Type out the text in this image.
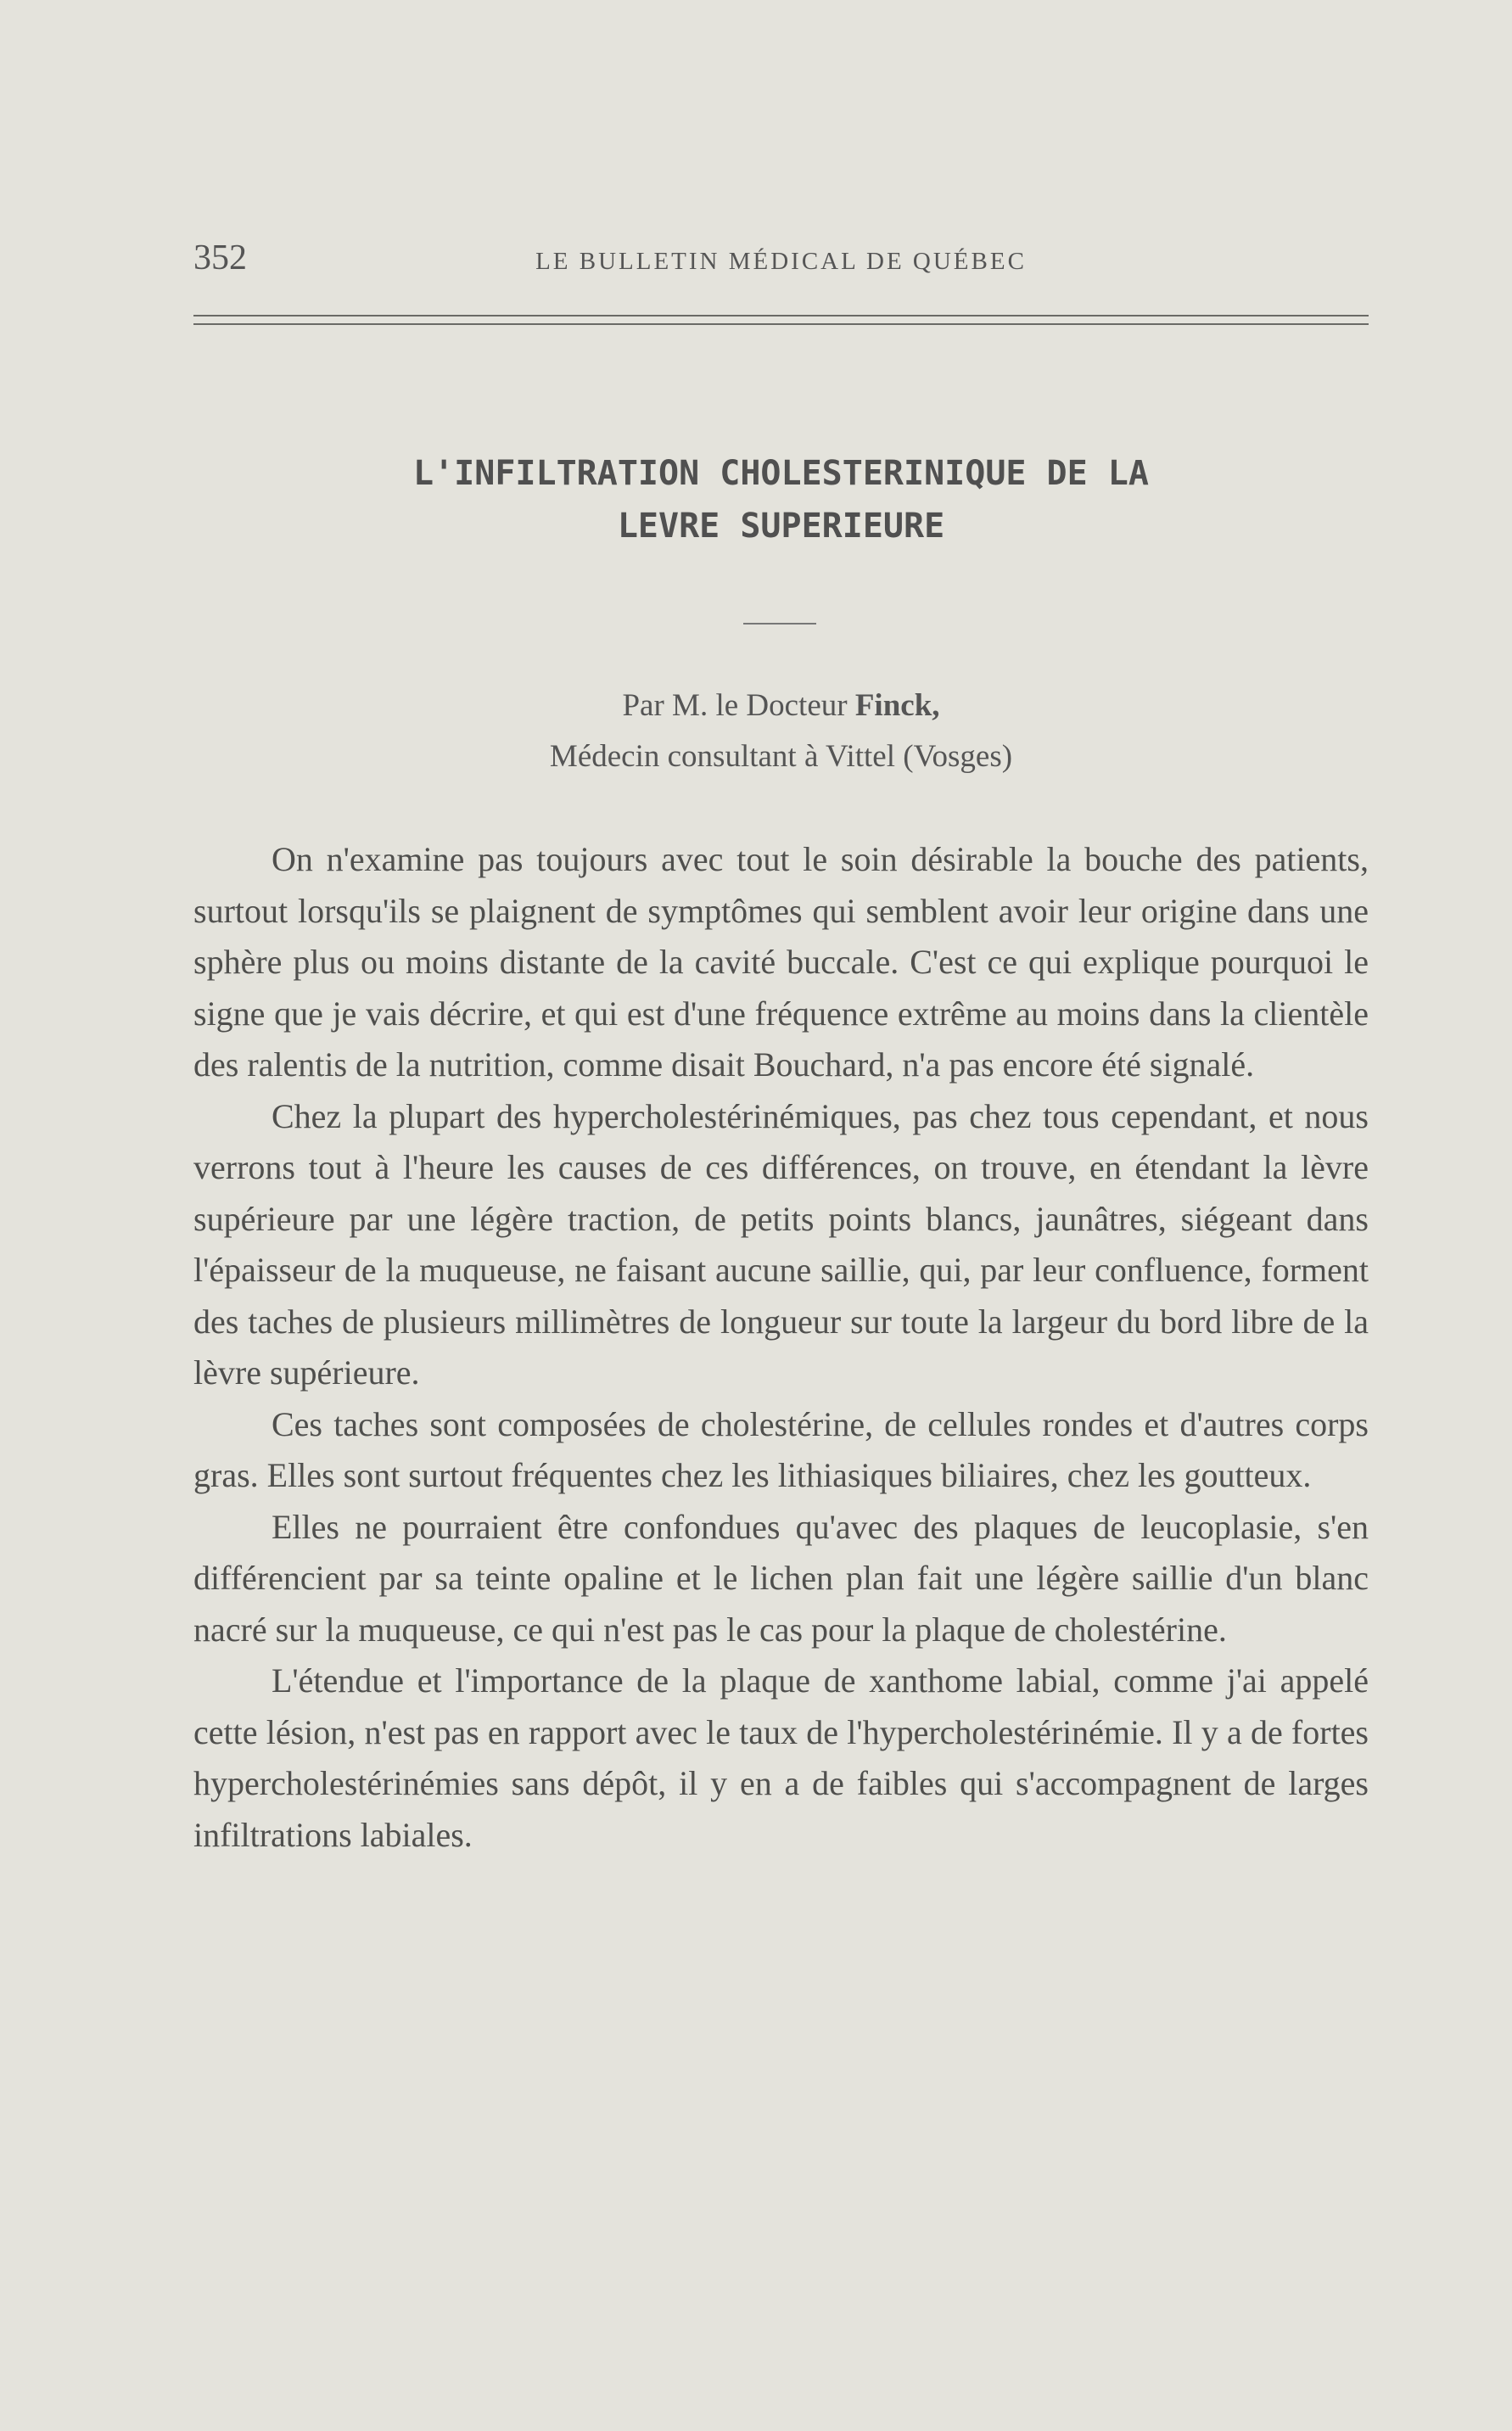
352	LE BULLETIN MÉDICAL DE QUÉBEC
L'INFILTRATION CHOLESTERINIQUE DE LA
LEVRE SUPERIEURE
Par M. le Docteur Finck,
Médecin consultant à Vittel (Vosges)

On n'examine pas toujours avec tout le soin désirable la bouche des patients, surtout lorsqu'ils se plaignent de symptômes qui semblent avoir leur origine dans une sphère plus ou moins distante de la cavité buccale. C'est ce qui explique pourquoi le signe que je vais décrire, et qui est d'une fréquence extrême au moins dans la clientèle des ralentis de la nutrition, comme disait Bouchard, n'a pas encore été signalé.

Chez la plupart des hypercholestérinémiques, pas chez tous cependant, et nous verrons tout à l'heure les causes de ces différences, on trouve, en étendant la lèvre supérieure par une légère traction, de petits points blancs, jaunâtres, siégeant dans l'épaisseur de la muqueuse, ne faisant aucune saillie, qui, par leur confluence, forment des taches de plusieurs millimètres de longueur sur toute la largeur du bord libre de la lèvre supérieure.

Ces taches sont composées de cholestérine, de cellules rondes et d'autres corps gras. Elles sont surtout fréquentes chez les lithiasiques biliaires, chez les goutteux.

Elles ne pourraient être confondues qu'avec des plaques de leucoplasie, s'en différencient par sa teinte opaline et le lichen plan fait une légère saillie d'un blanc nacré sur la muqueuse, ce qui n'est pas le cas pour la plaque de cholestérine.

L'étendue et l'importance de la plaque de xanthome labial, comme j'ai appelé cette lésion, n'est pas en rapport avec le taux de l'hypercholestérinémie. Il y a de fortes hypercholestérinémies sans dépôt, il y en a de faibles qui s'accompagnent de larges infiltrations labiales.
